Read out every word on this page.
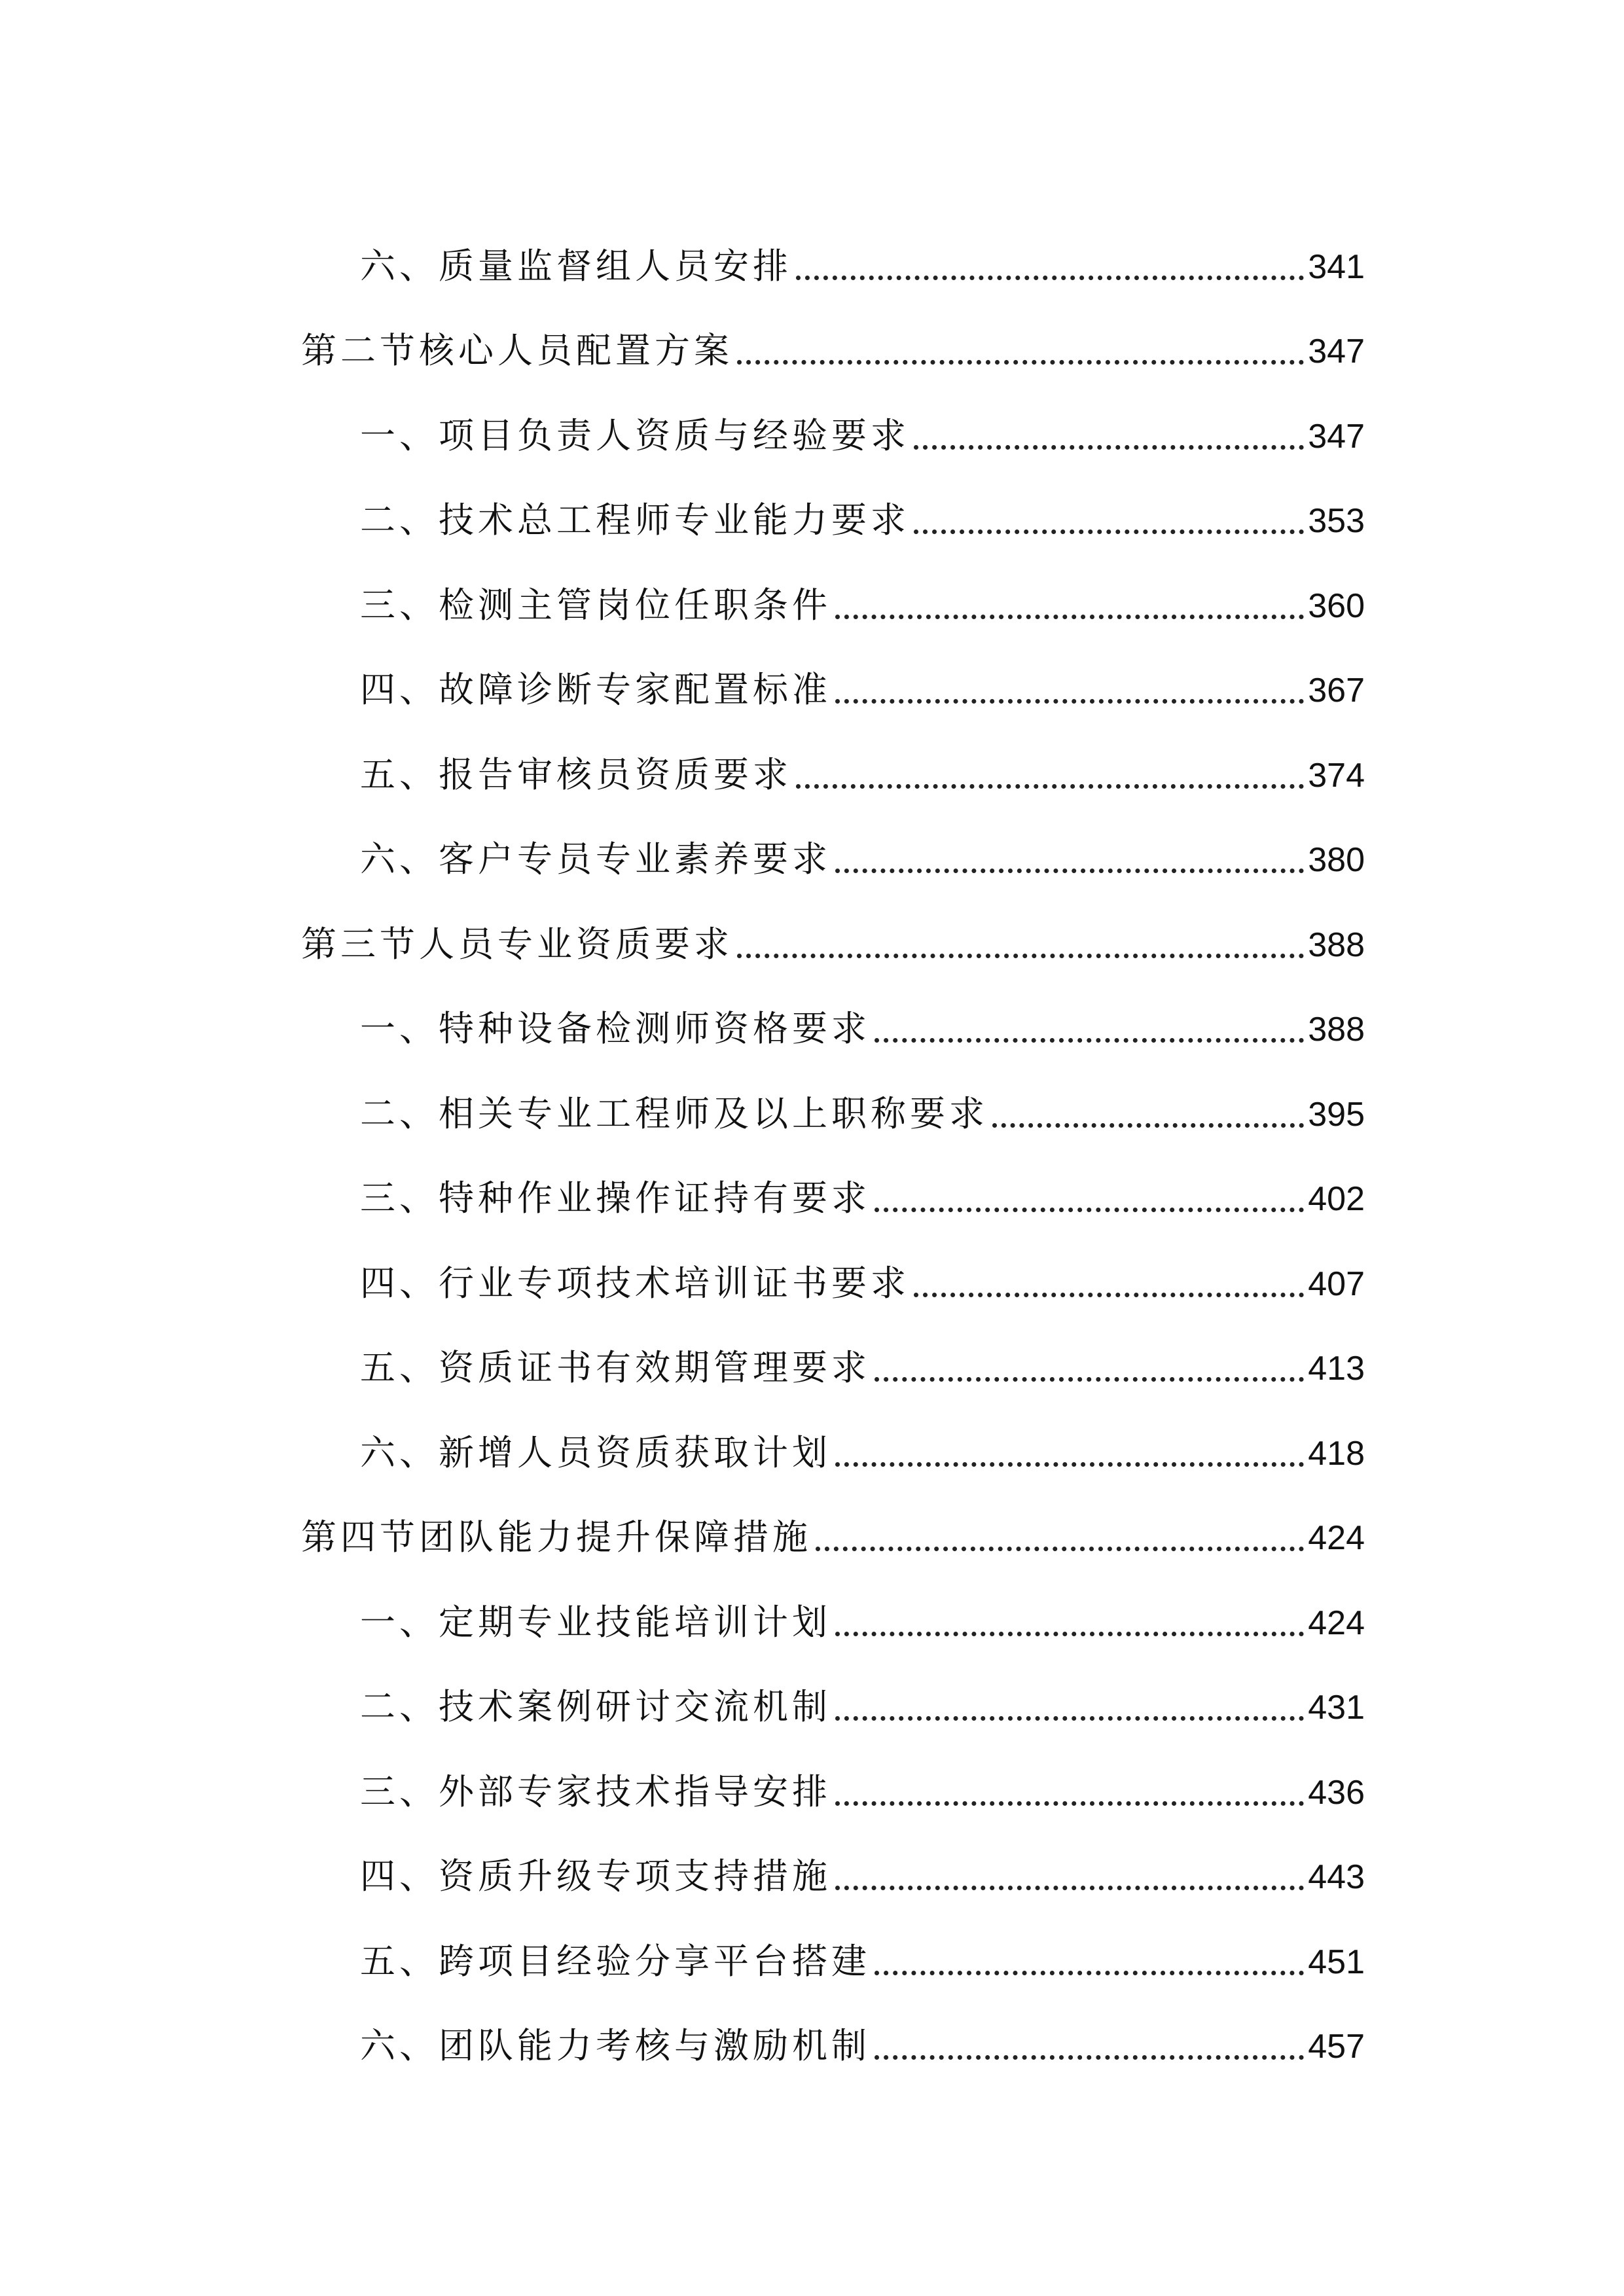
六、质量监督组人员安排	341
第二节核心人员配置方案	347
一、项目负责人资质与经验要求	347
二、技术总工程师专业能力要求	353
三、检测主管岗位任职条件	360
四、故障诊断专家配置标准	367
五、报告审核员资质要求	374
六、客户专员专业素养要求	380
第三节人员专业资质要求	388
一、特种设备检测师资格要求	388
二、相关专业工程师及以上职称要求	395
三、特种作业操作证持有要求	402
四、行业专项技术培训证书要求	407
五、资质证书有效期管理要求	413
六、新增人员资质获取计划	418
第四节团队能力提升保障措施	424
一、定期专业技能培训计划	424
二、技术案例研讨交流机制	431
三、外部专家技术指导安排	436
四、资质升级专项支持措施	443
五、跨项目经验分享平台搭建	451
六、团队能力考核与激励机制	457
